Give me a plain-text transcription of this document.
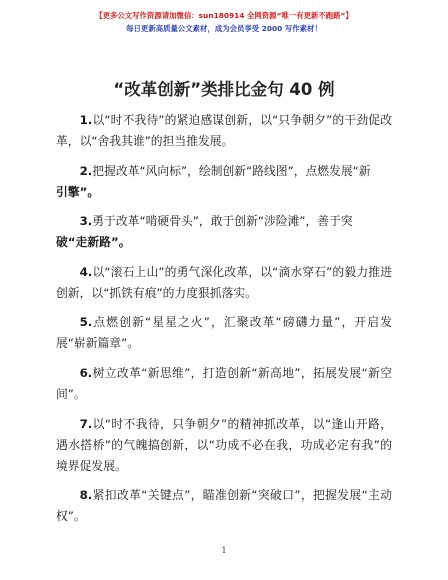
【更多公文写作资源请加微信：sun180914 全网资源“唯一有更新不跑路”】
每日更新高质量公文素材，成为会员享受 2000 写作素材！
“改革创新”类排比金句 40 例

1.以“时不我待”的紧迫感谋创新，以“只争朝夕”的干劲促改革，以“舍我其谁”的担当推发展。

2.把握改革“风向标”，绘制创新“路线图”，点燃发展“新
引擎”。

3.勇于改革“啃硬骨头”，敢于创新“涉险滩”，善于突
破“走新路”。

4.以“滚石上山”的勇气深化改革，以“滴水穿石”的毅力推进创新，以“抓铁有痕”的力度狠抓落实。

5.点燃创新“星星之火”，汇聚改革“磅礴力量”，开启发展“崭新篇章”。

6.树立改革“新思维”，打造创新“新高地”，拓展发展“新空间”。

7.以“时不我待，只争朝夕”的精神抓改革，以“逢山开路，遇水搭桥”的气魄搞创新，以“功成不必在我，功成必定有我”的境界促发展。

8.紧扣改革“关键点”，瞄准创新“突破口”，把握发展“主动权”。

1
